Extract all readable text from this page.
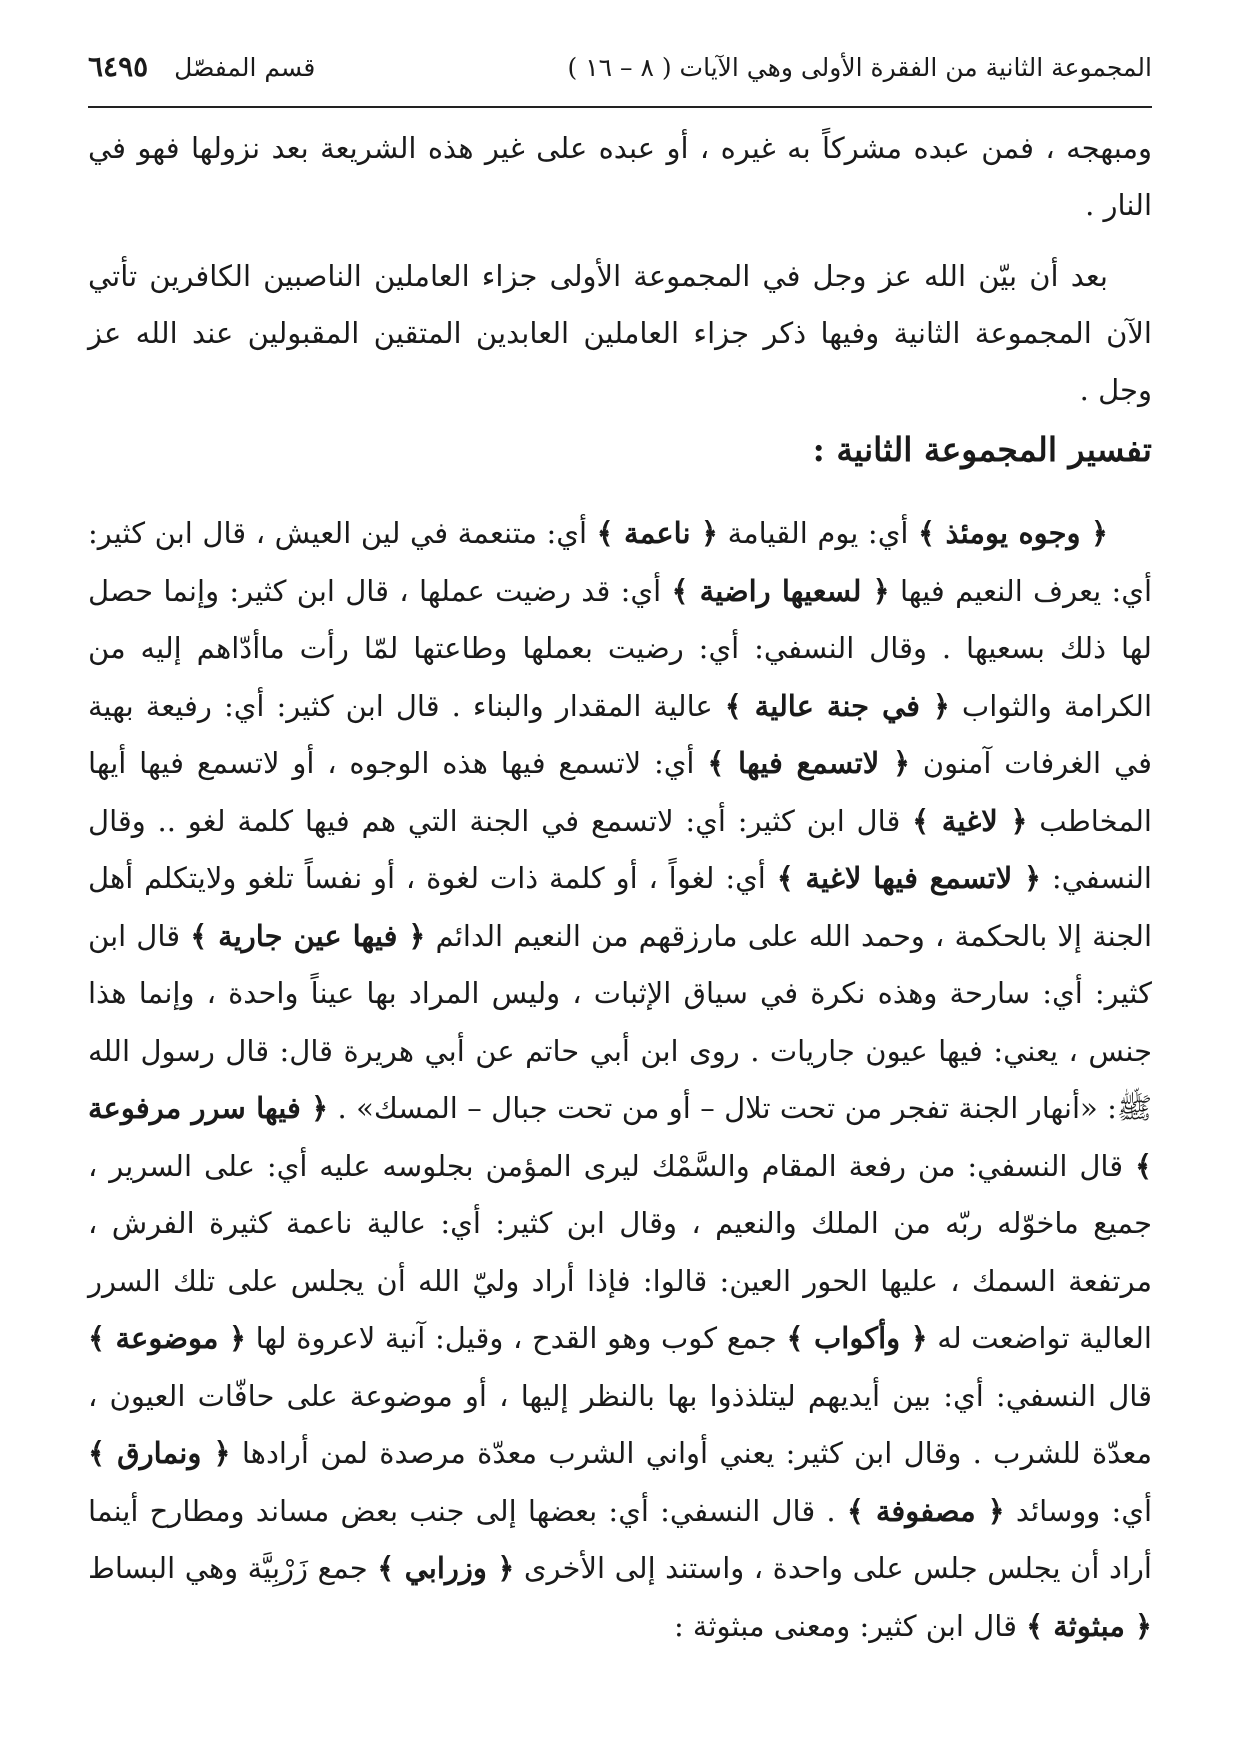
المجموعة الثانية من الفقرة الأولى وهي الآيات ( ٨ – ١٦ )
قسم المفصّل
٦٤٩٥

ومبهجه ، فمن عبده مشركاً به غيره ، أو عبده على غير هذه الشريعة بعد نزولها فهو في النار .

بعد أن بيّن الله عز وجل في المجموعة الأولى جزاء العاملين الناصبين الكافرين تأتي الآن المجموعة الثانية وفيها ذكر جزاء العاملين العابدين المتقين المقبولين عند الله عز وجل .

تفسير المجموعة الثانية :

﴿ وجوه يومئذ ﴾ أي: يوم القيامة ﴿ ناعمة ﴾ أي: متنعمة في لين العيش ، قال ابن كثير: أي: يعرف النعيم فيها ﴿ لسعيها راضية ﴾ أي: قد رضيت عملها ، قال ابن كثير: وإنما حصل لها ذلك بسعيها . وقال النسفي: أي: رضيت بعملها وطاعتها لمّا رأت ماأدّاهم إليه من الكرامة والثواب ﴿ في جنة عالية ﴾ عالية المقدار والبناء . قال ابن كثير: أي: رفيعة بهية في الغرفات آمنون ﴿ لاتسمع فيها ﴾ أي: لاتسمع فيها هذه الوجوه ، أو لاتسمع فيها أيها المخاطب ﴿ لاغية ﴾ قال ابن كثير: أي: لاتسمع في الجنة التي هم فيها كلمة لغو .. وقال النسفي: ﴿ لاتسمع فيها لاغية ﴾ أي: لغواً ، أو كلمة ذات لغوة ، أو نفساً تلغو ولايتكلم أهل الجنة إلا بالحكمة ، وحمد الله على مارزقهم من النعيم الدائم ﴿ فيها عين جارية ﴾ قال ابن كثير: أي: سارحة وهذه نكرة في سياق الإثبات ، وليس المراد بها عيناً واحدة ، وإنما هذا جنس ، يعني: فيها عيون جاريات . روى ابن أبي حاتم عن أبي هريرة قال: قال رسول الله ﷺ: «أنهار الجنة تفجر من تحت تلال – أو من تحت جبال – المسك» . ﴿ فيها سرر مرفوعة ﴾ قال النسفي: من رفعة المقام والسَّمْك ليرى المؤمن بجلوسه عليه أي: على السرير ، جميع ماخوّله ربّه من الملك والنعيم ، وقال ابن كثير: أي: عالية ناعمة كثيرة الفرش ، مرتفعة السمك ، عليها الحور العين: قالوا: فإذا أراد وليّ الله أن يجلس على تلك السرر العالية تواضعت له ﴿ وأكواب ﴾ جمع كوب وهو القدح ، وقيل: آنية لاعروة لها ﴿ موضوعة ﴾ قال النسفي: أي: بين أيديهم ليتلذذوا بها بالنظر إليها ، أو موضوعة على حافّات العيون ، معدّة للشرب . وقال ابن كثير: يعني أواني الشرب معدّة مرصدة لمن أرادها ﴿ ونمارق ﴾ أي: ووسائد ﴿ مصفوفة ﴾ . قال النسفي: أي: بعضها إلى جنب بعض مساند ومطارح أينما أراد أن يجلس جلس على واحدة ، واستند إلى الأخرى ﴿ وزرابي ﴾ جمع زَرْبِيَّة وهي البساط ﴿ مبثوثة ﴾ قال ابن كثير: ومعنى مبثوثة :
